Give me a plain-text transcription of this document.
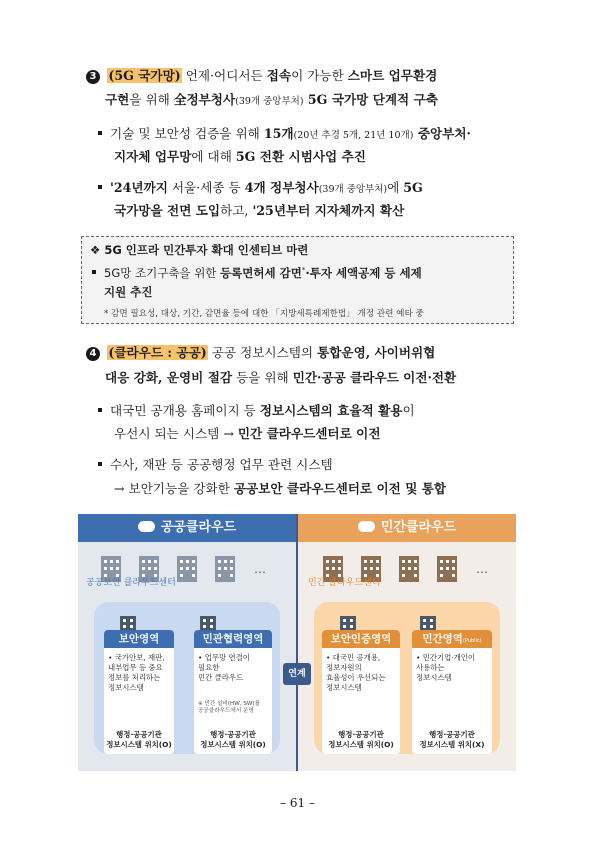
3 (5G 국가망) 언제·어디서든 접속이 가능한 스마트 업무환경
구현을 위해 全정부청사(39개 중앙부처) 5G 국가망 단계적 구축
기술 및 보안성 검증을 위해 15개(20년 추경 5개, 21년 10개) 중앙부처·
지자체 업무망에 대해 5G 전환 시범사업 추진
'24년까지 서울·세종 등 4개 정부청사(39개 중앙부처)에 5G
국가망을 전면 도입하고, '25년부터 지자체까지 확산
❖ 5G 인프라 민간투자 확대 인센티브 마련
5G망 조기구축을 위한 등록면허세 감면*·투자 세액공제 등 세제
지원 추진
* 감면 필요성, 대상, 기간, 감면율 등에 대한 「지방세특례제한법」 개정 관련 예타 중
4 (클라우드 : 공공) 공공 정보시스템의 통합운영, 사이버위협
대응 강화, 운영비 절감 등을 위해 민간·공공 클라우드 이전·전환
대국민 공개용 홈페이지 등 정보시스템의 효율적 활용이
우선시 되는 시스템 → 민간 클라우드센터로 이전
수사, 재판 등 공공행정 업무 관련 시스템
→ 보안기능을 강화한 공공보안 클라우드센터로 이전 및 통합
공공클라우드
…
공공보안 클라우드센터
보안영역
• 국가안보, 재판,
내부업무 등 중요
정보를 처리하는
정보시스템
행정·공공기관
정보시스템 위치(O)
민관협력영역
• 업무망 연결이
필요한
민간 클라우드
※ 민간 설비(HW, SW)를
공공클라우드에서 운영
행정·공공기관
정보시스템 위치(O)
민간클라우드
…
민간 클라우드센터
보안인증영역
• 대국민 공개용,
정보자원의
효율성이 우선되는
정보시스템
행정·공공기관
정보시스템 위치(O)
민간영역(Public)
• 민간기업·개인이
사용하는
정보시스템
행정·공공기관
정보시스템 위치(X)
연계
– 61 –
